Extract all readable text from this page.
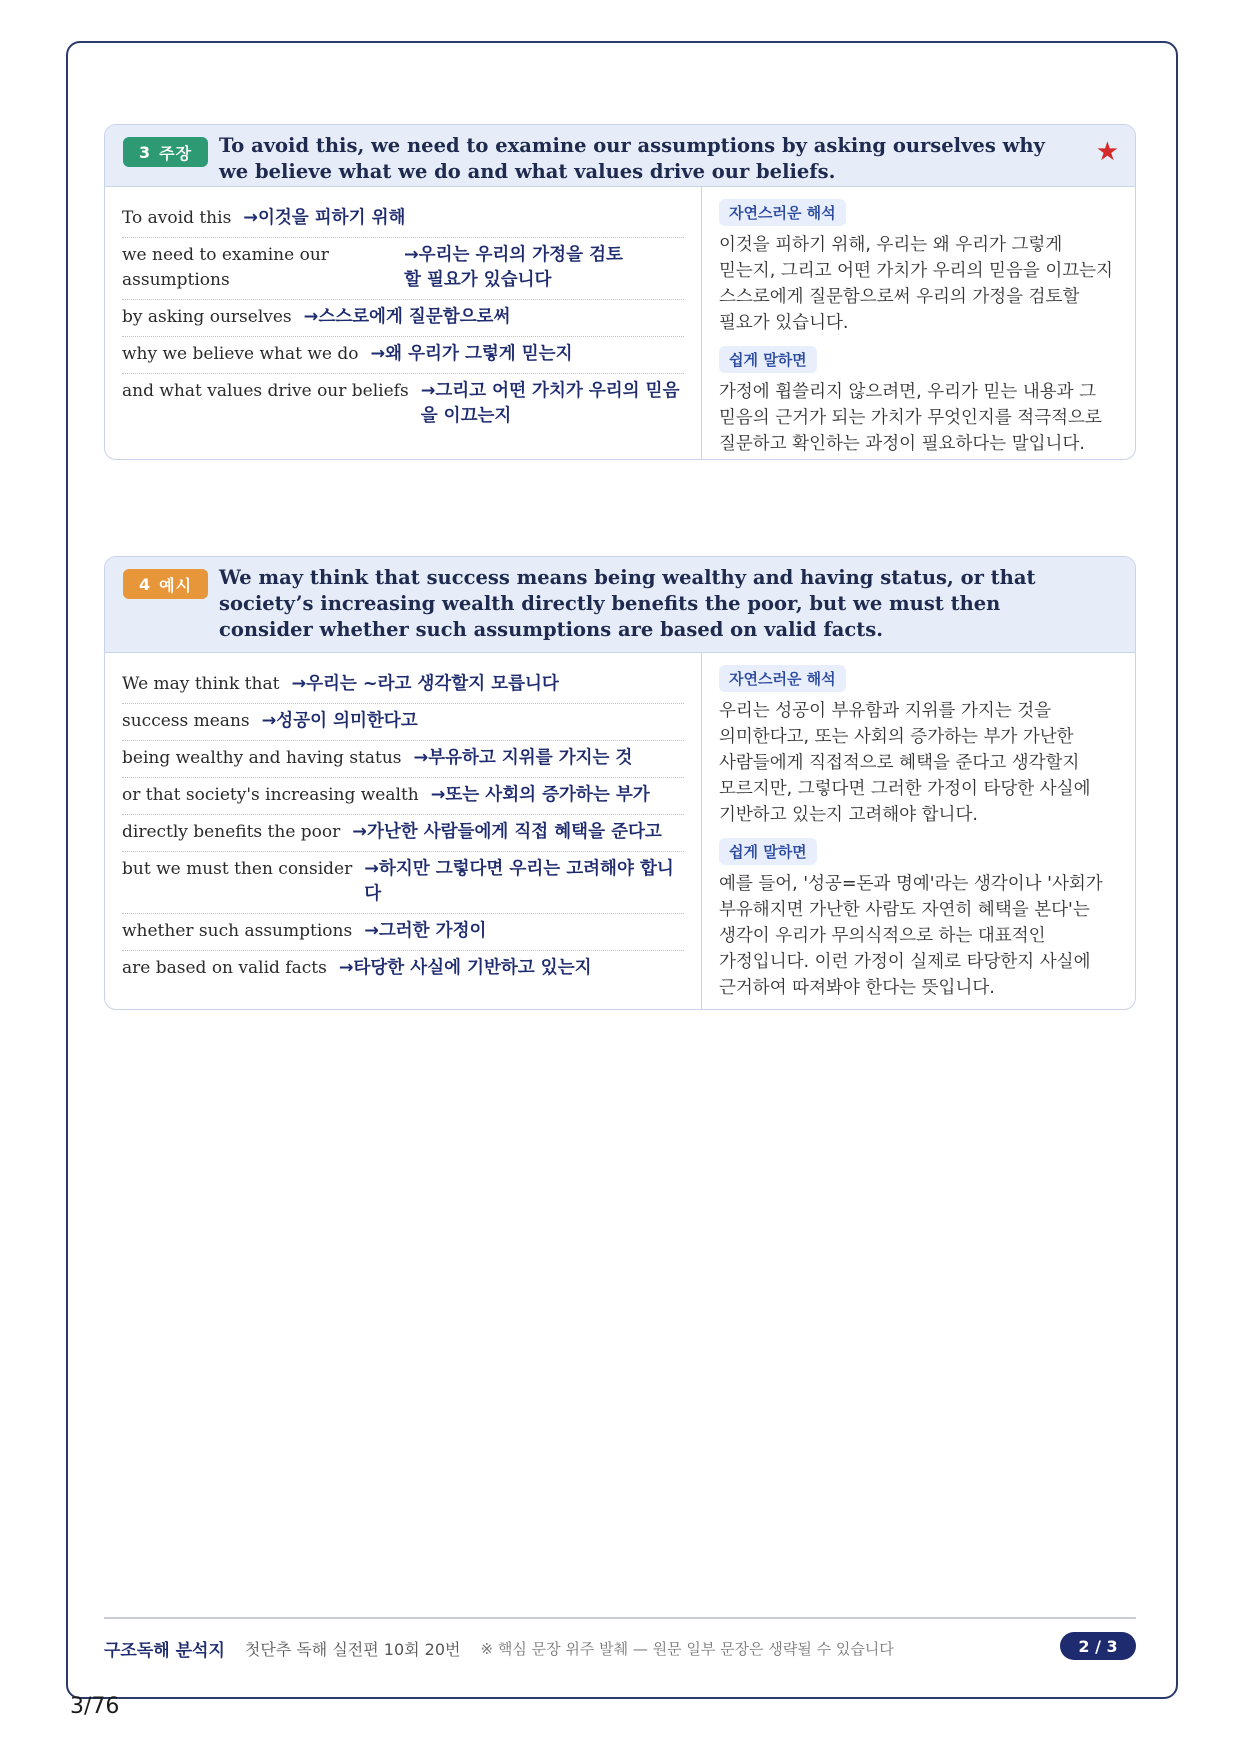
3 주장 To avoid this, we need to examine our assumptions by asking ourselves why we believe what we do and what values drive our beliefs.
★
To avoid this →이것을 피하기 위해
we need to examine our assumptions
→우리는 우리의 가정을 검토할 필요가 있습니다
by asking ourselves →스스로에게 질문함으로써
why we believe what we do →왜 우리가 그렇게 믿는지
and what values drive our beliefs →그리고 어떤 가치가 우리의 믿음을 이끄는지
자연스러운 해석
이것을 피하기 위해, 우리는 왜 우리가 그렇게 믿는지, 그리고 어떤 가치가 우리의 믿음을 이끄는지 스스로에게 질문함으로써 우리의 가정을 검토할 필요가 있습니다.
쉽게 말하면
가정에 휩쓸리지 않으려면, 우리가 믿는 내용과 그 믿음의 근거가 되는 가치가 무엇인지를 적극적으로 질문하고 확인하는 과정이 필요하다는 말입니다.
4 예시 We may think that success means being wealthy and having status, or that society’s increasing wealth directly benefits the poor, but we must then consider whether such assumptions are based on valid facts.
We may think that →우리는 ~라고 생각할지 모릅니다
success means →성공이 의미한다고
being wealthy and having status →부유하고 지위를 가지는 것
or that society's increasing wealth →또는 사회의 증가하는 부가
directly benefits the poor →가난한 사람들에게 직접 혜택을 준다고
but we must then consider →하지만 그렇다면 우리는 고려해야 합니다
whether such assumptions →그러한 가정이
are based on valid facts →타당한 사실에 기반하고 있는지
자연스러운 해석
우리는 성공이 부유함과 지위를 가지는 것을 의미한다고, 또는 사회의 증가하는 부가 가난한 사람들에게 직접적으로 혜택을 준다고 생각할지 모르지만, 그렇다면 그러한 가정이 타당한 사실에 기반하고 있는지 고려해야 합니다.
쉽게 말하면
예를 들어, '성공=돈과 명예'라는 생각이나 '사회가 부유해지면 가난한 사람도 자연히 혜택을 본다'는 생각이 우리가 무의식적으로 하는 대표적인 가정입니다. 이런 가정이 실제로 타당한지 사실에 근거하여 따져봐야 한다는 뜻입니다.
구조독해 분석지 첫단추 독해 실전편 10회 20번 ※ 핵심 문장 위주 발췌 — 원문 일부 문장은 생략될 수 있습니다	2 / 3
3/76
